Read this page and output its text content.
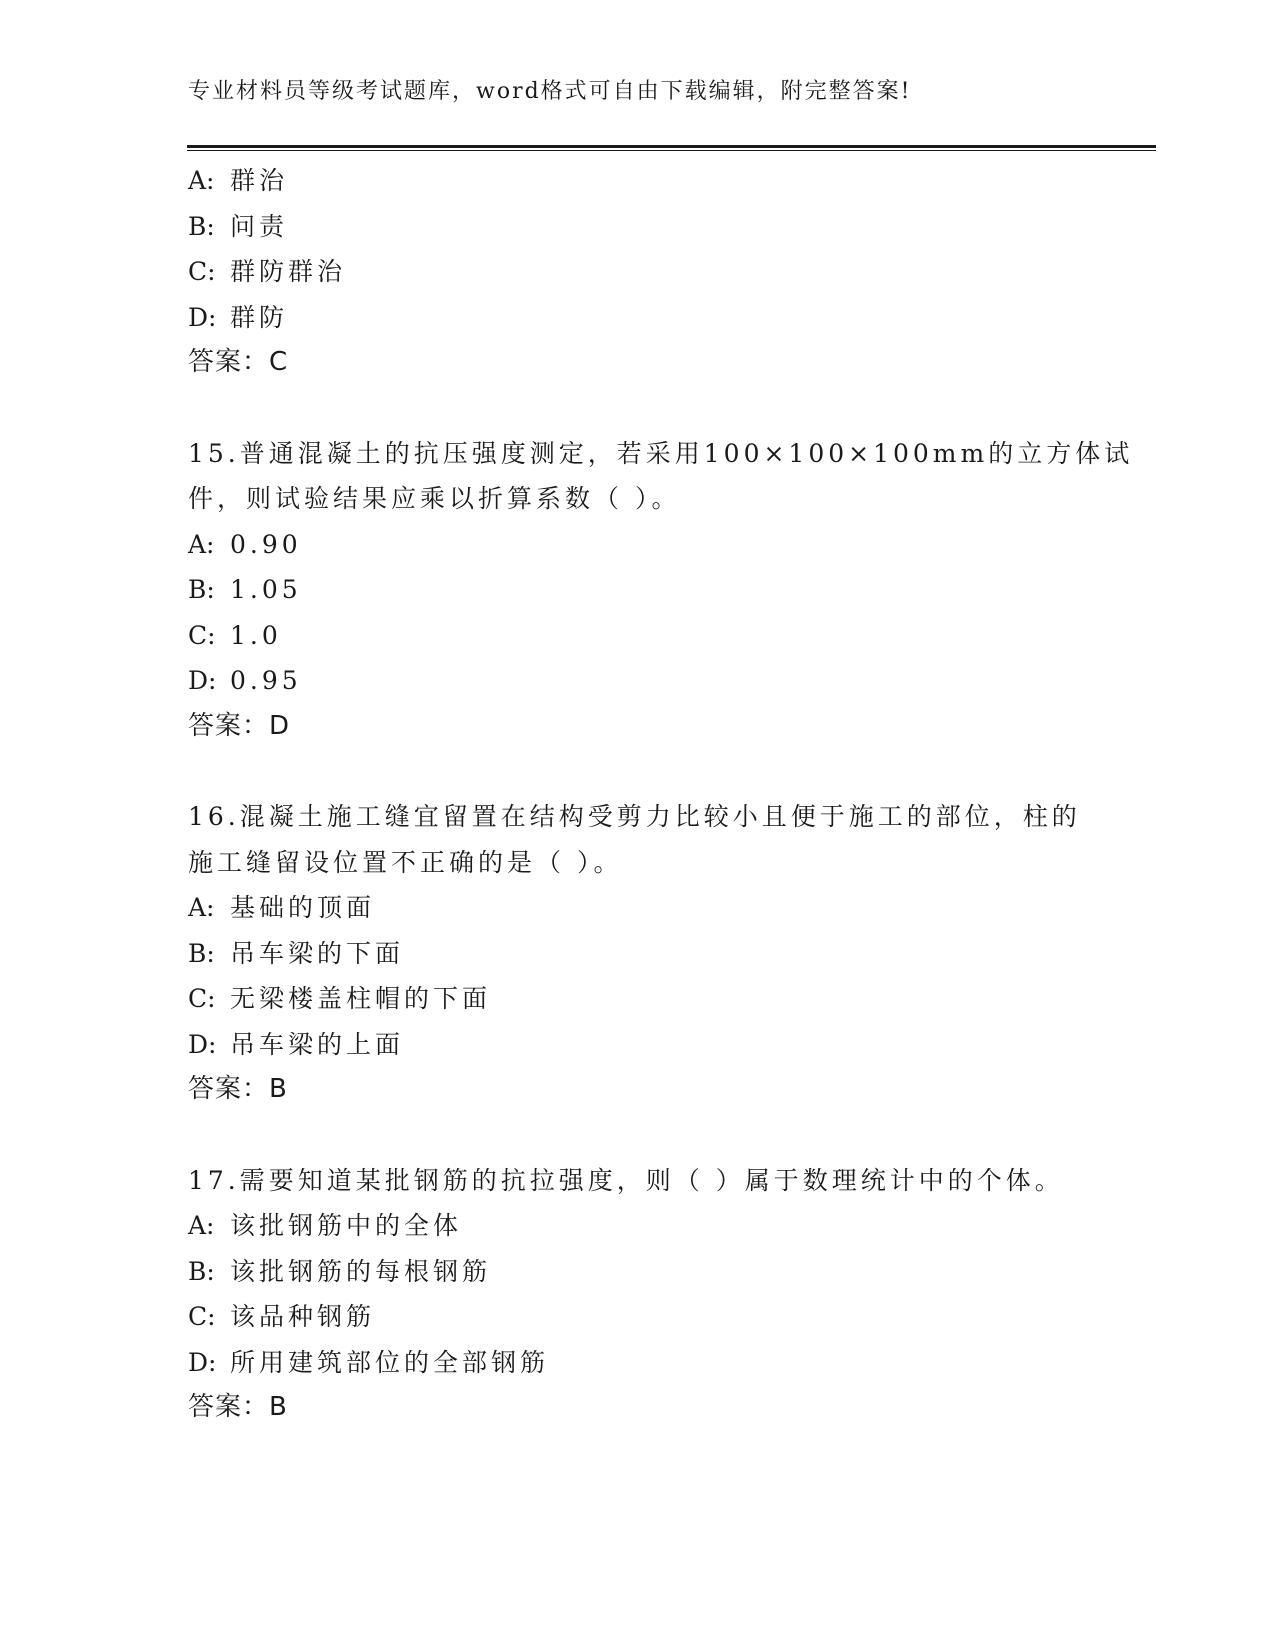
专业材料员等级考试题库，word格式可自由下载编辑，附完整答案!
A: 群治
B: 问责
C: 群防群治
D: 群防
答案：C
15.普通混凝土的抗压强度测定，若采用100×100×100mm的立方体试
件，则试验结果应乘以折算系数（ ）。
A: 0.90
B: 1.05
C: 1.0
D: 0.95
答案：D
16.混凝土施工缝宜留置在结构受剪力比较小且便于施工的部位，柱的
施工缝留设位置不正确的是（ ）。
A: 基础的顶面
B: 吊车梁的下面
C: 无梁楼盖柱帽的下面
D: 吊车梁的上面
答案：B
17.需要知道某批钢筋的抗拉强度，则（ ）属于数理统计中的个体。
A: 该批钢筋中的全体
B: 该批钢筋的每根钢筋
C: 该品种钢筋
D: 所用建筑部位的全部钢筋
答案：B
